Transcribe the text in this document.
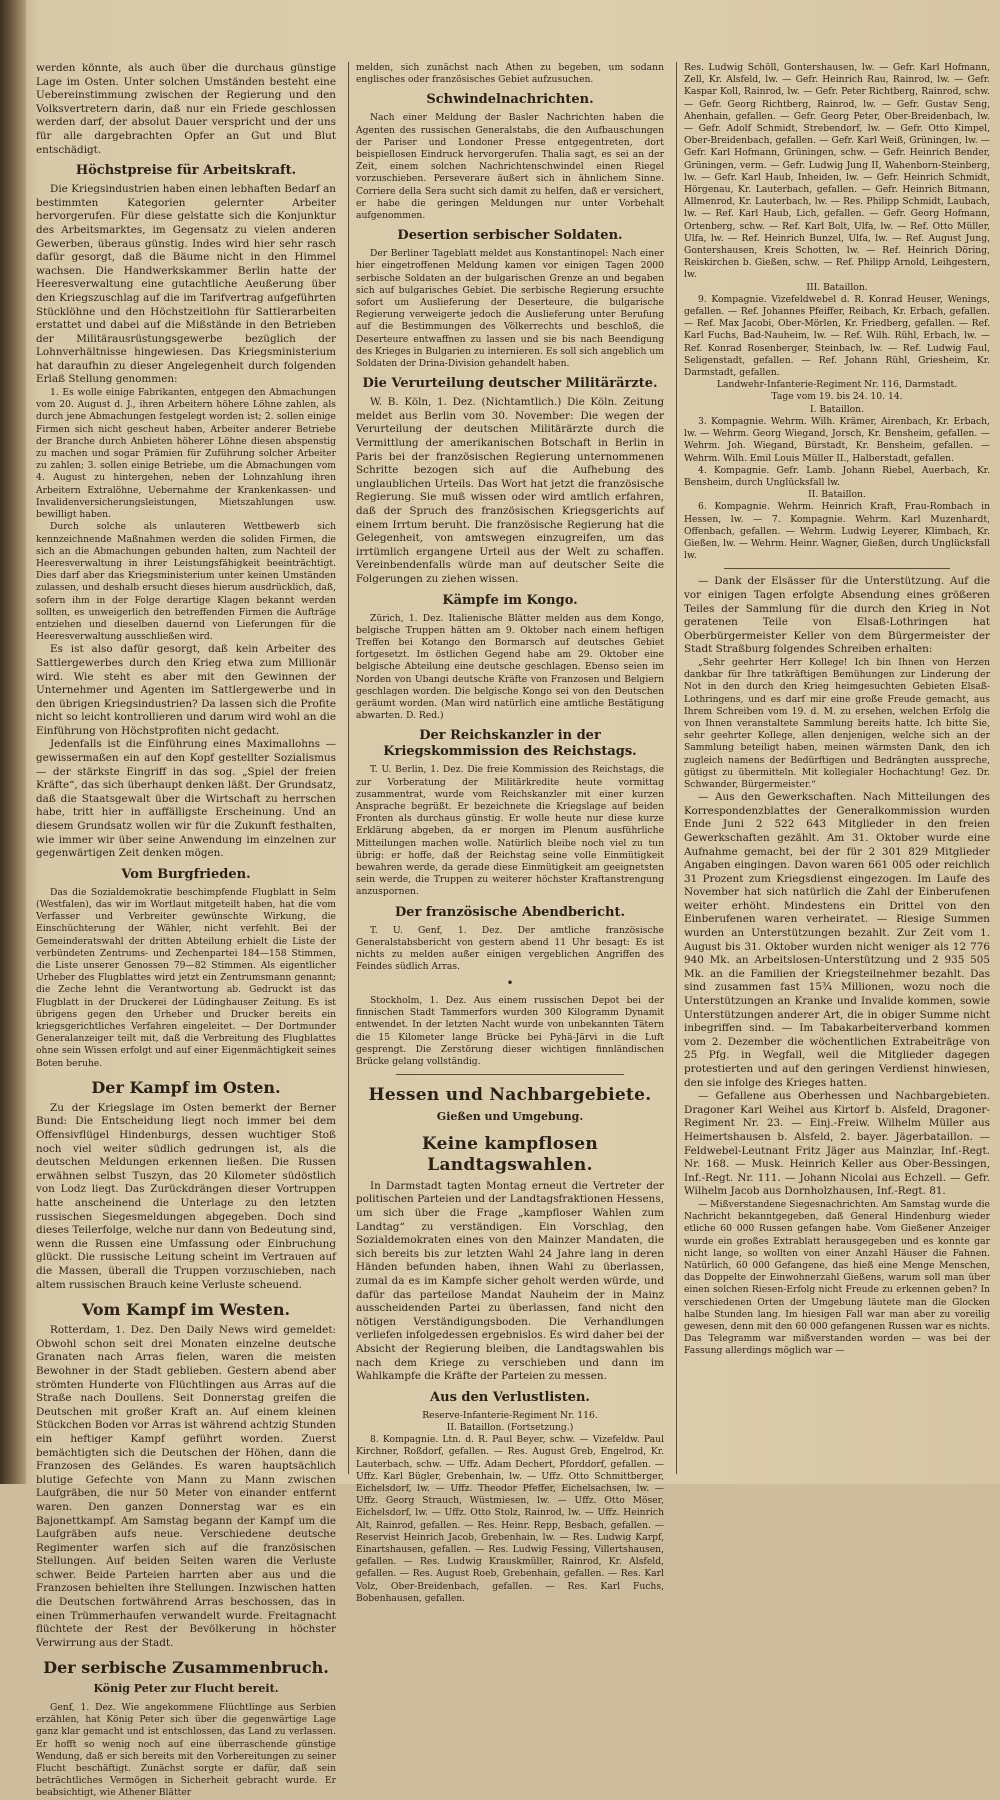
werden könnte, als auch über die durchaus günstige Lage im Osten. Unter solchen Umständen besteht eine Uebereinstimmung zwischen der Regierung und den Volksvertretern darin, daß nur ein Friede geschlossen werden darf, der absolut Dauer verspricht und der uns für alle dargebrachten Opfer an Gut und Blut entschädigt.

Höchstpreise für Arbeitskraft.

Die Kriegsindustrien haben einen lebhaften Bedarf an bestimmten Kategorien gelernter Arbeiter hervorgerufen. Für diese gelstatte sich die Konjunktur des Arbeitsmarktes, im Gegensatz zu vielen anderen Gewerben, überaus günstig. Indes wird hier sehr rasch dafür gesorgt, daß die Bäume nicht in den Himmel wachsen. Die Handwerkskammer Berlin hatte der Heeresverwaltung eine gutachtliche Aeußerung über den Kriegszuschlag auf die im Tarifvertrag aufgeführten Stücklöhne und den Höchstzeitlohn für Sattlerarbeiten erstattet und dabei auf die Mißstände in den Betrieben der Militärausrüstungsgewerbe bezüglich der Lohnverhältnisse hingewiesen. Das Kriegsministerium hat daraufhin zu dieser Angelegenheit durch folgenden Erlaß Stellung genommen:

1. Es wolle einige Fabrikanten, entgegen den Abmachungen vom 20. August d. J., ihren Arbeitern höhere Löhne zahlen, als durch jene Abmachungen festgelegt worden ist; 2. sollen einige Firmen sich nicht gescheut haben, Arbeiter anderer Betriebe der Branche durch Anbieten höherer Löhne diesen abspenstig zu machen und sogar Prämien für Zuführung solcher Arbeiter zu zahlen; 3. sollen einige Betriebe, um die Abmachungen vom 4. August zu hintergehen, neben der Lohnzahlung ihren Arbeitern Extralöhne, Uebernahme der Krankenkassen- und Invalidenversicherungsleistungen, Mietszahlungen usw. bewilligt haben.

Durch solche als unlauteren Wettbewerb sich kennzeichnende Maßnahmen werden die soliden Firmen, die sich an die Abmachungen gebunden halten, zum Nachteil der Heeresverwaltung in ihrer Leistungsfähigkeit beeinträchtigt. Dies darf aber das Kriegsministerium unter keinen Umständen zulassen, und deshalb ersucht dieses hierum ausdrücklich, daß, sofern ihm in der Folge derartige Klagen bekannt werden sollten, es unweigerlich den betreffenden Firmen die Aufträge entziehen und dieselben dauernd von Lieferungen für die Heeresverwaltung ausschließen wird.

Es ist also dafür gesorgt, daß kein Arbeiter des Sattlergewerbes durch den Krieg etwa zum Millionär wird. Wie steht es aber mit den Gewinnen der Unternehmer und Agenten im Sattlergewerbe und in den übrigen Kriegsindustrien? Da lassen sich die Profite nicht so leicht kontrollieren und darum wird wohl an die Einführung von Höchstprofiten nicht gedacht.

Jedenfalls ist die Einführung eines Maximallohns — gewissermaßen ein auf den Kopf gestellter Sozialismus — der stärkste Eingriff in das sog. „Spiel der freien Kräfte“, das sich überhaupt denken läßt. Der Grundsatz, daß die Staatsgewalt über die Wirtschaft zu herrschen habe, tritt hier in auffälligste Erscheinung. Und an diesem Grundsatz wollen wir für die Zukunft festhalten, wie immer wir über seine Anwendung im einzelnen zur gegenwärtigen Zeit denken mögen.

Vom Burgfrieden.

Das die Sozialdemokratie beschimpfende Flugblatt in Selm (Westfalen), das wir im Wortlaut mitgeteilt haben, hat die vom Verfasser und Verbreiter gewünschte Wirkung, die Einschüchterung der Wähler, nicht verfehlt. Bei der Gemeinderatswahl der dritten Abteilung erhielt die Liste der verbündeten Zentrums- und Zechenpartei 184—158 Stimmen, die Liste unserer Genossen 79—82 Stimmen. Als eigentlicher Urheber des Flugblattes wird jetzt ein Zentrumsmann genannt; die Zeche lehnt die Verantwortung ab. Gedruckt ist das Flugblatt in der Druckerei der Lüdinghauser Zeitung. Es ist übrigens gegen den Urheber und Drucker bereits ein kriegsgerichtliches Verfahren eingeleitet. — Der Dortmunder Generalanzeiger teilt mit, daß die Verbreitung des Flugblattes ohne sein Wissen erfolgt und auf einer Eigenmächtigkeit seines Boten beruhe.

Der Kampf im Osten.

Zu der Kriegslage im Osten bemerkt der Berner Bund: Die Entscheidung liegt noch immer bei dem Offensivflügel Hindenburgs, dessen wuchtiger Stoß noch viel weiter südlich gedrungen ist, als die deutschen Meldungen erkennen ließen. Die Russen erwähnen selbst Tuszyn, das 20 Kilometer südöstlich von Lodz liegt. Das Zurückdrängen dieser Vortruppen hatte anscheinend die Unterlage zu den letzten russischen Siegesmeldungen abgegeben. Doch sind dieses Teilerfolge, welche nur dann von Bedeutung sind, wenn die Russen eine Umfassung oder Einbruchung glückt. Die russische Leitung scheint im Vertrauen auf die Massen, überall die Truppen vorzuschieben, nach altem russischen Brauch keine Verluste scheuend.

Vom Kampf im Westen.

Rotterdam, 1. Dez. Den Daily News wird gemeldet: Obwohl schon seit drei Monaten einzelne deutsche Granaten nach Arras fielen, waren die meisten Bewohner in der Stadt geblieben. Gestern abend aber strömten Hunderte von Flüchtlingen aus Arras auf die Straße nach Doullens. Seit Donnerstag greifen die Deutschen mit großer Kraft an. Auf einem kleinen Stückchen Boden vor Arras ist während achtzig Stunden ein heftiger Kampf geführt worden. Zuerst bemächtigten sich die Deutschen der Höhen, dann die Franzosen des Geländes. Es waren hauptsächlich blutige Gefechte von Mann zu Mann zwischen Laufgräben, die nur 50 Meter von einander entfernt waren. Den ganzen Donnerstag war es ein Bajonettkampf. Am Samstag begann der Kampf um die Laufgräben aufs neue. Verschiedene deutsche Regimenter warfen sich auf die französischen Stellungen. Auf beiden Seiten waren die Verluste schwer. Beide Parteien harrten aber aus und die Franzosen behielten ihre Stellungen. Inzwischen hatten die Deutschen fortwährend Arras beschossen, das in einen Trümmerhaufen verwandelt wurde. Freitagnacht flüchtete der Rest der Bevölkerung in höchster Verwirrung aus der Stadt.

Der serbische Zusammenbruch.
König Peter zur Flucht bereit.

Genf, 1. Dez. Wie angekommene Flüchtlinge aus Serbien erzählen, hat König Peter sich über die gegenwärtige Lage ganz klar gemacht und ist entschlossen, das Land zu verlassen. Er hofft so wenig noch auf eine überraschende günstige Wendung, daß er sich bereits mit den Vorbereitungen zu seiner Flucht beschäftigt. Zunächst sorgte er dafür, daß sein beträchtliches Vermögen in Sicherheit gebracht wurde. Er beabsichtigt, wie Athener Blätter

melden, sich zunächst nach Athen zu begeben, um sodann englisches oder französisches Gebiet aufzusuchen.

Schwindelnachrichten.

Nach einer Meldung der Basler Nachrichten haben die Agenten des russischen Generalstabs, die den Aufbauschungen der Pariser und Londoner Presse entgegentreten, dort beispiellosen Eindruck hervorgerufen. Thalia sagt, es sei an der Zeit, einem solchen Nachrichtenschwindel einen Riegel vorzuschieben. Perseverare äußert sich in ähnlichem Sinne. Corriere della Sera sucht sich damit zu helfen, daß er versichert, er habe die geringen Meldungen nur unter Vorbehalt aufgenommen.

Desertion serbischer Soldaten.

Der Berliner Tageblatt meldet aus Konstantinopel: Nach einer hier eingetroffenen Meldung kamen vor einigen Tagen 2000 serbische Soldaten an der bulgarischen Grenze an und begaben sich auf bulgarisches Gebiet. Die serbische Regierung ersuchte sofort um Auslieferung der Deserteure, die bulgarische Regierung verweigerte jedoch die Auslieferung unter Berufung auf die Bestimmungen des Völkerrechts und beschloß, die Deserteure entwaffnen zu lassen und sie bis nach Beendigung des Krieges in Bulgarien zu internieren. Es soll sich angeblich um Soldaten der Drina-Division gehandelt haben.

Die Verurteilung deutscher Militärärzte.

W. B. Köln, 1. Dez. (Nichtamtlich.) Die Köln. Zeitung meldet aus Berlin vom 30. November: Die wegen der Verurteilung der deutschen Militärärzte durch die Vermittlung der amerikanischen Botschaft in Berlin in Paris bei der französischen Regierung unternommenen Schritte bezogen sich auf die Aufhebung des unglaublichen Urteils. Das Wort hat jetzt die französische Regierung. Sie muß wissen oder wird amtlich erfahren, daß der Spruch des französischen Kriegsgerichts auf einem Irrtum beruht. Die französische Regierung hat die Gelegenheit, von amtswegen einzugreifen, um das irrtümlich ergangene Urteil aus der Welt zu schaffen. Vereinbendenfalls würde man auf deutscher Seite die Folgerungen zu ziehen wissen.

Kämpfe im Kongo.

Zürich, 1. Dez. Italienische Blätter melden aus dem Kongo, belgische Truppen hätten am 9. Oktober nach einem heftigen Treffen bei Kotango den Bormarsch auf deutsches Gebiet fortgesetzt. Im östlichen Gegend habe am 29. Oktober eine belgische Abteilung eine deutsche geschlagen. Ebenso seien im Norden von Ubangi deutsche Kräfte von Franzosen und Belgiern geschlagen worden. Die belgische Kongo sei von den Deutschen geräumt worden. (Man wird natürlich eine amtliche Bestätigung abwarten. D. Red.)

Der Reichskanzler in der Kriegskommission des Reichstags.

T. U. Berlin, 1. Dez. Die freie Kommission des Reichstags, die zur Vorberatung der Militärkredite heute vormittag zusammentrat, wurde vom Reichskanzler mit einer kurzen Ansprache begrüßt. Er bezeichnete die Kriegslage auf beiden Fronten als durchaus günstig. Er wolle heute nur diese kurze Erklärung abgeben, da er morgen im Plenum ausführliche Mitteilungen machen wolle. Natürlich bleibe noch viel zu tun übrig: er hoffe, daß der Reichstag seine volle Einmütigkeit bewahren werde, da gerade diese Einmütigkeit am geeignetsten sein werde, die Truppen zu weiterer höchster Kraftanstrengung anzuspornen.

Der französische Abendbericht.

T. U. Genf, 1. Dez. Der amtliche französische Generalstabsbericht von gestern abend 11 Uhr besagt: Es ist nichts zu melden außer einigen vergeblichen Angriffen des Feindes südlich Arras.

•

Stockholm, 1. Dez. Aus einem russischen Depot bei der finnischen Stadt Tammerfors wurden 300 Kilogramm Dynamit entwendet. In der letzten Nacht wurde von unbekannten Tätern die 15 Kilometer lange Brücke bei Pyhä-Järvi in die Luft gesprengt. Die Zerstörung dieser wichtigen finnländischen Brücke gelang vollständig.

Hessen und Nachbargebiete.
Gießen und Umgebung.
Keine kampflosen Landtagswahlen.

In Darmstadt tagten Montag erneut die Vertreter der politischen Parteien und der Landtagsfraktionen Hessens, um sich über die Frage „kampfloser Wahlen zum Landtag“ zu verständigen. Ein Vorschlag, den Sozialdemokraten eines von den Mainzer Mandaten, die sich bereits bis zur letzten Wahl 24 Jahre lang in deren Händen befunden haben, ihnen Wahl zu überlassen, zumal da es im Kampfe sicher geholt werden würde, und dafür das parteilose Mandat Nauheim der in Mainz ausscheidenden Partei zu überlassen, fand nicht den nötigen Verständigungsboden. Die Verhandlungen verliefen infolgedessen ergebnislos. Es wird daher bei der Absicht der Regierung bleiben, die Landtagswahlen bis nach dem Kriege zu verschieben und dann im Wahlkampfe die Kräfte der Parteien zu messen.

Aus den Verlustlisten.

Reserve-Infanterie-Regiment Nr. 116.

II. Bataillon. (Fortsetzung.)

8. Kompagnie. Ltn. d. R. Paul Beyer, schw. — Vizefeldw. Paul Kirchner, Roßdorf, gefallen. — Res. August Greb, Engelrod, Kr. Lauterbach, schw. — Uffz. Adam Dechert, Pforddorf, gefallen. — Uffz. Karl Bügler, Grebenhain, lw. — Uffz. Otto Schmittberger, Eichelsdorf, lw. — Uffz. Theodor Pfeffer, Eichelsachsen, lw. — Uffz. Georg Strauch, Wüstmiesen, lw. — Uffz. Otto Möser, Eichelsdorf, lw. — Uffz. Otto Stolz, Rainrod, lw. — Uffz. Heinrich Alt, Rainrod, gefallen. — Res. Heinr. Repp, Besbach, gefallen. — Reservist Heinrich Jacob, Grebenhain, lw. — Res. Ludwig Karpf, Einartshausen, gefallen. — Res. Ludwig Fessing, Villertshausen, gefallen. — Res. Ludwig Krauskmüller, Rainrod, Kr. Alsfeld, gefallen. — Res. August Roeb, Grebenhain, gefallen. — Res. Karl Volz, Ober-Breidenbach, gefallen. — Res. Karl Fuchs, Bobenhausen, gefallen.

Res. Ludwig Schöll, Gontershausen, lw. — Gefr. Karl Hofmann, Zell, Kr. Alsfeld, lw. — Gefr. Heinrich Rau, Rainrod, lw. — Gefr. Kaspar Koll, Rainrod, lw. — Gefr. Peter Richtberg, Rainrod, schw. — Gefr. Georg Richtberg, Rainrod, lw. — Gefr. Gustav Seng, Ahenhain, gefallen. — Gefr. Georg Peter, Ober-Breidenbach, lw. — Gefr. Adolf Schmidt, Strebendorf, lw. — Gefr. Otto Kimpel, Ober-Breidenbach, gefallen. — Gefr. Karl Weiß, Grüningen, lw. — Gefr. Karl Hofmann, Grüningen, schw. — Gefr. Heinrich Bender, Grüningen, verm. — Gefr. Ludwig Jung II, Wahenborn-Steinberg, lw. — Gefr. Karl Haub, Inheiden, lw. — Gefr. Heinrich Schmidt, Hörgenau, Kr. Lauterbach, gefallen. — Gefr. Heinrich Bitmann, Allmenrod, Kr. Lauterbach, lw. — Res. Philipp Schmidt, Laubach, lw. — Ref. Karl Haub, Lich, gefallen. — Gefr. Georg Hofmann, Ortenberg, schw. — Ref. Karl Bolt, Ulfa, lw. — Ref. Otto Müller, Ulfa, lw. — Ref. Heinrich Bunzel, Ulfa, lw. — Ref. August Jung, Gontershausen, Kreis Schotten, lw. — Ref. Heinrich Döring, Reiskirchen b. Gießen, schw. — Ref. Philipp Arnold, Leihgestern, lw.

III. Bataillon.

9. Kompagnie. Vizefeldwebel d. R. Konrad Heuser, Wenings, gefallen. — Ref. Johannes Pfeiffer, Reibach, Kr. Erbach, gefallen. — Ref. Max Jacobi, Ober-Mörlen, Kr. Friedberg, gefallen. — Ref. Karl Fuchs, Bad-Nauheim, lw. — Ref. Wilh. Rühl, Erbach, lw. — Ref. Konrad Rosenberger, Steinbach, lw. — Ref. Ludwig Faul, Seligenstadt, gefallen. — Ref. Johann Rühl, Griesheim, Kr. Darmstadt, gefallen.

Landwehr-Infanterie-Regiment Nr. 116, Darmstadt.

Tage vom 19. bis 24. 10. 14.

I. Bataillon.

3. Kompagnie. Wehrm. Wilh. Krämer, Airenbach, Kr. Erbach, lw. — Wehrm. Georg Wiegand, Jorsch, Kr. Bensheim, gefallen. — Wehrm. Joh. Wiegand, Bürstadt, Kr. Bensheim, gefallen. — Wehrm. Wilh. Emil Louis Müller II., Halberstadt, gefallen.

4. Kompagnie. Gefr. Lamb. Johann Riebel, Auerbach, Kr. Bensheim, durch Unglücksfall lw.

II. Bataillon.

6. Kompagnie. Wehrm. Heinrich Kraft, Frau-Rombach in Hessen, lw. — 7. Kompagnie. Wehrm. Karl Muzenhardt, Offenbach, gefallen. — Wehrm. Ludwig Leyerer, Klimbach, Kr. Gießen, lw. — Wehrm. Heinr. Wagner, Gießen, durch Unglücksfall lw.

— Dank der Elsässer für die Unterstützung. Auf die vor einigen Tagen erfolgte Absendung eines größeren Teiles der Sammlung für die durch den Krieg in Not geratenen Teile von Elsaß-Lothringen hat Oberbürgermeister Keller von dem Bürgermeister der Stadt Straßburg folgendes Schreiben erhalten:

„Sehr geehrter Herr Kollege! Ich bin Ihnen von Herzen dankbar für Ihre tatkräftigen Bemühungen zur Linderung der Not in den durch den Krieg heimgesuchten Gebieten Elsaß-Lothringens, und es darf mir eine große Freude gemacht, aus Ihrem Schreiben vom 19. d. M. zu ersehen, welchen Erfolg die von Ihnen veranstaltete Sammlung bereits hatte. Ich bitte Sie, sehr geehrter Kollege, allen denjenigen, welche sich an der Sammlung beteiligt haben, meinen wärmsten Dank, den ich zugleich namens der Bedürftigen und Bedrängten ausspreche, gütigst zu übermitteln. Mit kollegialer Hochachtung! Gez. Dr. Schwander, Bürgermeister.“

— Aus den Gewerkschaften. Nach Mitteilungen des Korrespondenzblattes der Generalkommission wurden Ende Juni 2 522 643 Mitglieder in den freien Gewerkschaften gezählt. Am 31. Oktober wurde eine Aufnahme gemacht, bei der für 2 301 829 Mitglieder Angaben eingingen. Davon waren 661 005 oder reichlich 31 Prozent zum Kriegsdienst eingezogen. Im Laufe des November hat sich natürlich die Zahl der Einberufenen weiter erhöht. Mindestens ein Drittel von den Einberufenen waren verheiratet. — Riesige Summen wurden an Unterstützungen bezahlt. Zur Zeit vom 1. August bis 31. Oktober wurden nicht weniger als 12 776 940 Mk. an Arbeitslosen-Unterstützung und 2 935 505 Mk. an die Familien der Kriegsteilnehmer bezahlt. Das sind zusammen fast 15¾ Millionen, wozu noch die Unterstützungen an Kranke und Invalide kommen, sowie Unterstützungen anderer Art, die in obiger Summe nicht inbegriffen sind. — Im Tabakarbeiterverband kommen vom 2. Dezember die wöchentlichen Extrabeiträge von 25 Pfg. in Wegfall, weil die Mitglieder dagegen protestierten und auf den geringen Verdienst hinwiesen, den sie infolge des Krieges hatten.

— Gefallene aus Oberhessen und Nachbargebieten. Dragoner Karl Weihel aus Kirtorf b. Alsfeld, Dragoner-Regiment Nr. 23. — Einj.-Freiw. Wilhelm Müller aus Heimertshausen b. Alsfeld, 2. bayer. Jägerbataillon. — Feldwebel-Leutnant Fritz Jäger aus Mainzlar, Inf.-Regt. Nr. 168. — Musk. Heinrich Keller aus Ober-Bessingen, Inf.-Regt. Nr. 111. — Johann Nicolai aus Echzell. — Gefr. Wilhelm Jacob aus Dornholzhausen, Inf.-Regt. 81.

— Mißverstandene Siegesnachrichten. Am Samstag wurde die Nachricht bekanntgegeben, daß General Hindenburg wieder etliche 60 000 Russen gefangen habe. Vom Gießener Anzeiger wurde ein großes Extrablatt herausgegeben und es konnte gar nicht lange, so wollten von einer Anzahl Häuser die Fahnen. Natürlich, 60 000 Gefangene, das hieß eine Menge Menschen, das Doppelte der Einwohnerzahl Gießens, warum soll man über einen solchen Riesen-Erfolg nicht Freude zu erkennen geben? In verschiedenen Orten der Umgebung läutete man die Glocken halbe Stunden lang. Im hiesigen Fall war man aber zu voreilig gewesen, denn mit den 60 000 gefangenen Russen war es nichts. Das Telegramm war mißverstanden worden — was bei der Fassung allerdings möglich war —
